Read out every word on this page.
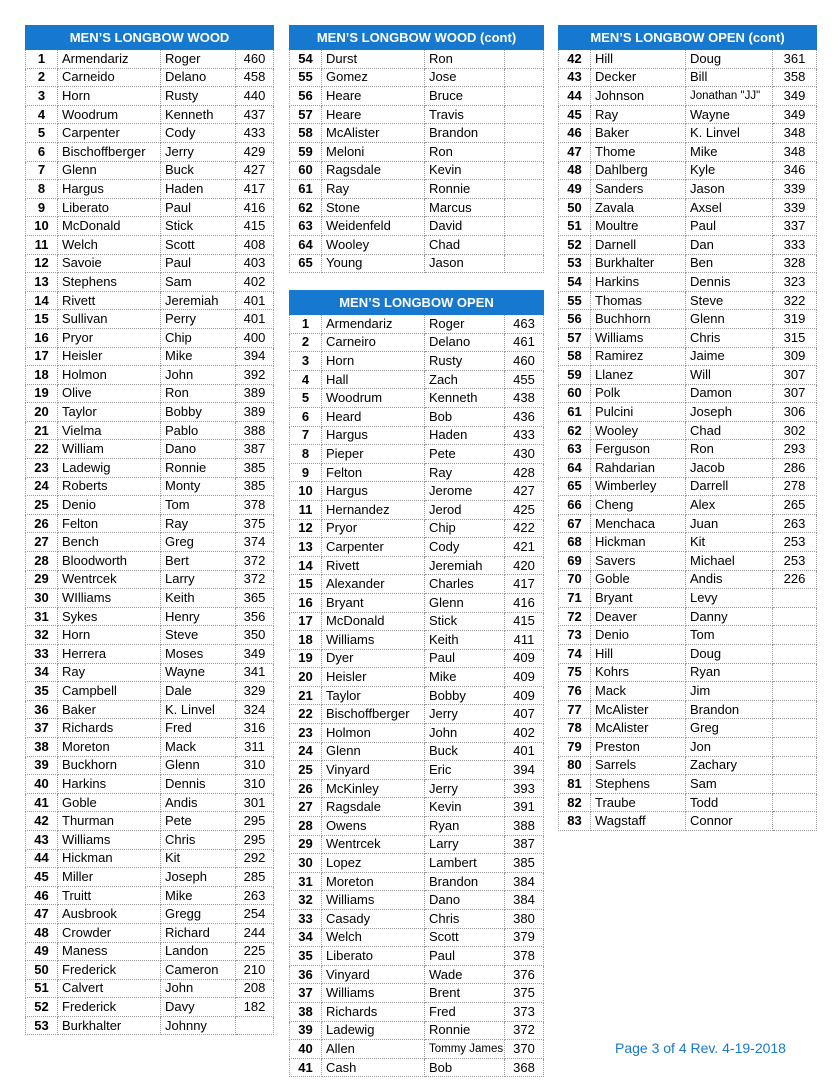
MEN’S LONGBOW WOOD			
1	Armendariz	Roger	460
2	Carneido	Delano	458
3	Horn	Rusty	440
4	Woodrum	Kenneth	437
5	Carpenter	Cody	433
6	Bischoffberger	Jerry	429
7	Glenn	Buck	427
8	Hargus	Haden	417
9	Liberato	Paul	416
10	McDonald	Stick	415
11	Welch	Scott	408
12	Savoie	Paul	403
13	Stephens	Sam	402
14	Rivett	Jeremiah	401
15	Sullivan	Perry	401
16	Pryor	Chip	400
17	Heisler	Mike	394
18	Holmon	John	392
19	Olive	Ron	389
20	Taylor	Bobby	389
21	Vielma	Pablo	388
22	William	Dano	387
23	Ladewig	Ronnie	385
24	Roberts	Monty	385
25	Denio	Tom	378
26	Felton	Ray	375
27	Bench	Greg	374
28	Bloodworth	Bert	372
29	Wentrcek	Larry	372
30	WIlliams	Keith	365
31	Sykes	Henry	356
32	Horn	Steve	350
33	Herrera	Moses	349
34	Ray	Wayne	341
35	Campbell	Dale	329
36	Baker	K. Linvel	324
37	Richards	Fred	316
38	Moreton	Mack	311
39	Buckhorn	Glenn	310
40	Harkins	Dennis	310
41	Goble	Andis	301
42	Thurman	Pete	295
43	Williams	Chris	295
44	Hickman	Kit	292
45	Miller	Joseph	285
46	Truitt	Mike	263
47	Ausbrook	Gregg	254
48	Crowder	Richard	244
49	Maness	Landon	225
50	Frederick	Cameron	210
51	Calvert	John	208
52	Frederick	Davy	182
53	Burkhalter	Johnny	
MEN’S LONGBOW WOOD (cont)			
54	Durst	Ron	
55	Gomez	Jose	
56	Heare	Bruce	
57	Heare	Travis	
58	McAlister	Brandon	
59	Meloni	Ron	
60	Ragsdale	Kevin	
61	Ray	Ronnie	
62	Stone	Marcus	
63	Weidenfeld	David	
64	Wooley	Chad	
65	Young	Jason	
MEN’S LONGBOW OPEN			
1	Armendariz	Roger	463
2	Carneiro	Delano	461
3	Horn	Rusty	460
4	Hall	Zach	455
5	Woodrum	Kenneth	438
6	Heard	Bob	436
7	Hargus	Haden	433
8	Pieper	Pete	430
9	Felton	Ray	428
10	Hargus	Jerome	427
11	Hernandez	Jerod	425
12	Pryor	Chip	422
13	Carpenter	Cody	421
14	Rivett	Jeremiah	420
15	Alexander	Charles	417
16	Bryant	Glenn	416
17	McDonald	Stick	415
18	Williams	Keith	411
19	Dyer	Paul	409
20	Heisler	Mike	409
21	Taylor	Bobby	409
22	Bischoffberger	Jerry	407
23	Holmon	John	402
24	Glenn	Buck	401
25	Vinyard	Eric	394
26	McKinley	Jerry	393
27	Ragsdale	Kevin	391
28	Owens	Ryan	388
29	Wentrcek	Larry	387
30	Lopez	Lambert	385
31	Moreton	Brandon	384
32	Williams	Dano	384
33	Casady	Chris	380
34	Welch	Scott	379
35	Liberato	Paul	378
36	Vinyard	Wade	376
37	Williams	Brent	375
38	Richards	Fred	373
39	Ladewig	Ronnie	372
40	Allen	Tommy James	370
41	Cash	Bob	368
MEN’S LONGBOW OPEN (cont)			
42	Hill	Doug	361
43	Decker	Bill	358
44	Johnson	Jonathan "JJ"	349
45	Ray	Wayne	349
46	Baker	K. Linvel	348
47	Thome	Mike	348
48	Dahlberg	Kyle	346
49	Sanders	Jason	339
50	Zavala	Axsel	339
51	Moultre	Paul	337
52	Darnell	Dan	333
53	Burkhalter	Ben	328
54	Harkins	Dennis	323
55	Thomas	Steve	322
56	Buchhorn	Glenn	319
57	Williams	Chris	315
58	Ramirez	Jaime	309
59	Llanez	Will	307
60	Polk	Damon	307
61	Pulcini	Joseph	306
62	Wooley	Chad	302
63	Ferguson	Ron	293
64	Rahdarian	Jacob	286
65	Wimberley	Darrell	278
66	Cheng	Alex	265
67	Menchaca	Juan	263
68	Hickman	Kit	253
69	Savers	Michael	253
70	Goble	Andis	226
71	Bryant	Levy	
72	Deaver	Danny	
73	Denio	Tom	
74	Hill	Doug	
75	Kohrs	Ryan	
76	Mack	Jim	
77	McAlister	Brandon	
78	McAlister	Greg	
79	Preston	Jon	
80	Sarrels	Zachary	
81	Stephens	Sam	
82	Traube	Todd	
83	Wagstaff	Connor	
Page 3 of 4 Rev. 4-19-2018
